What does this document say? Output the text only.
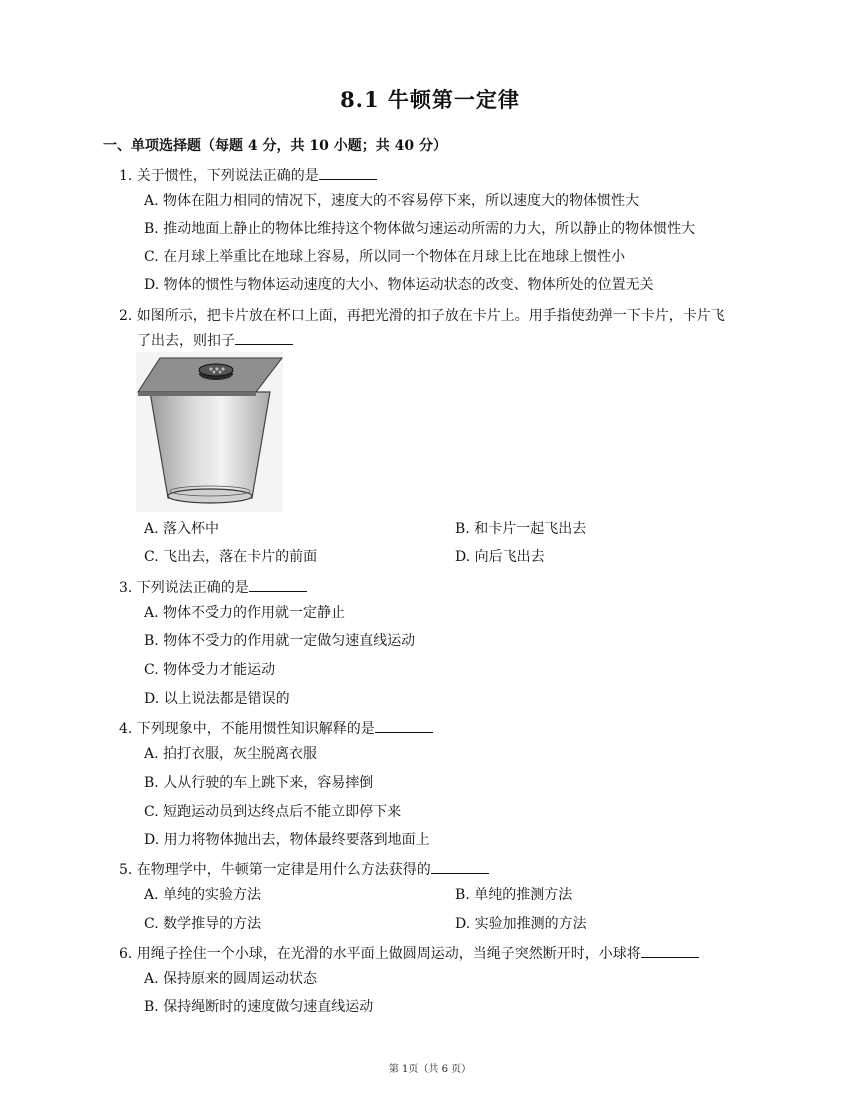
8.1 牛顿第一定律
一、单项选择题（每题 4 分，共 10 小题；共 40 分）
1. 关于惯性，下列说法正确的是
A. 物体在阻力相同的情况下，速度大的不容易停下来，所以速度大的物体惯性大
B. 推动地面上静止的物体比维持这个物体做匀速运动所需的力大，所以静止的物体惯性大
C. 在月球上举重比在地球上容易，所以同一个物体在月球上比在地球上惯性小
D. 物体的惯性与物体运动速度的大小、物体运动状态的改变、物体所处的位置无关
2. 如图所示，把卡片放在杯口上面，再把光滑的扣子放在卡片上。用手指使劲弹一下卡片，卡片飞
了出去，则扣子
A. 落入杯中	B. 和卡片一起飞出去
C. 飞出去，落在卡片的前面	D. 向后飞出去
3. 下列说法正确的是
A. 物体不受力的作用就一定静止
B. 物体不受力的作用就一定做匀速直线运动
C. 物体受力才能运动
D. 以上说法都是错误的
4. 下列现象中，不能用惯性知识解释的是
A. 拍打衣服，灰尘脱离衣服
B. 人从行驶的车上跳下来，容易摔倒
C. 短跑运动员到达终点后不能立即停下来
D. 用力将物体抛出去，物体最终要落到地面上
5. 在物理学中，牛顿第一定律是用什么方法获得的
A. 单纯的实验方法	B. 单纯的推测方法
C. 数学推导的方法	D. 实验加推测的方法
6. 用绳子拴住一个小球，在光滑的水平面上做圆周运动，当绳子突然断开时，小球将
A. 保持原来的圆周运动状态
B. 保持绳断时的速度做匀速直线运动
第 1页（共 6 页）
